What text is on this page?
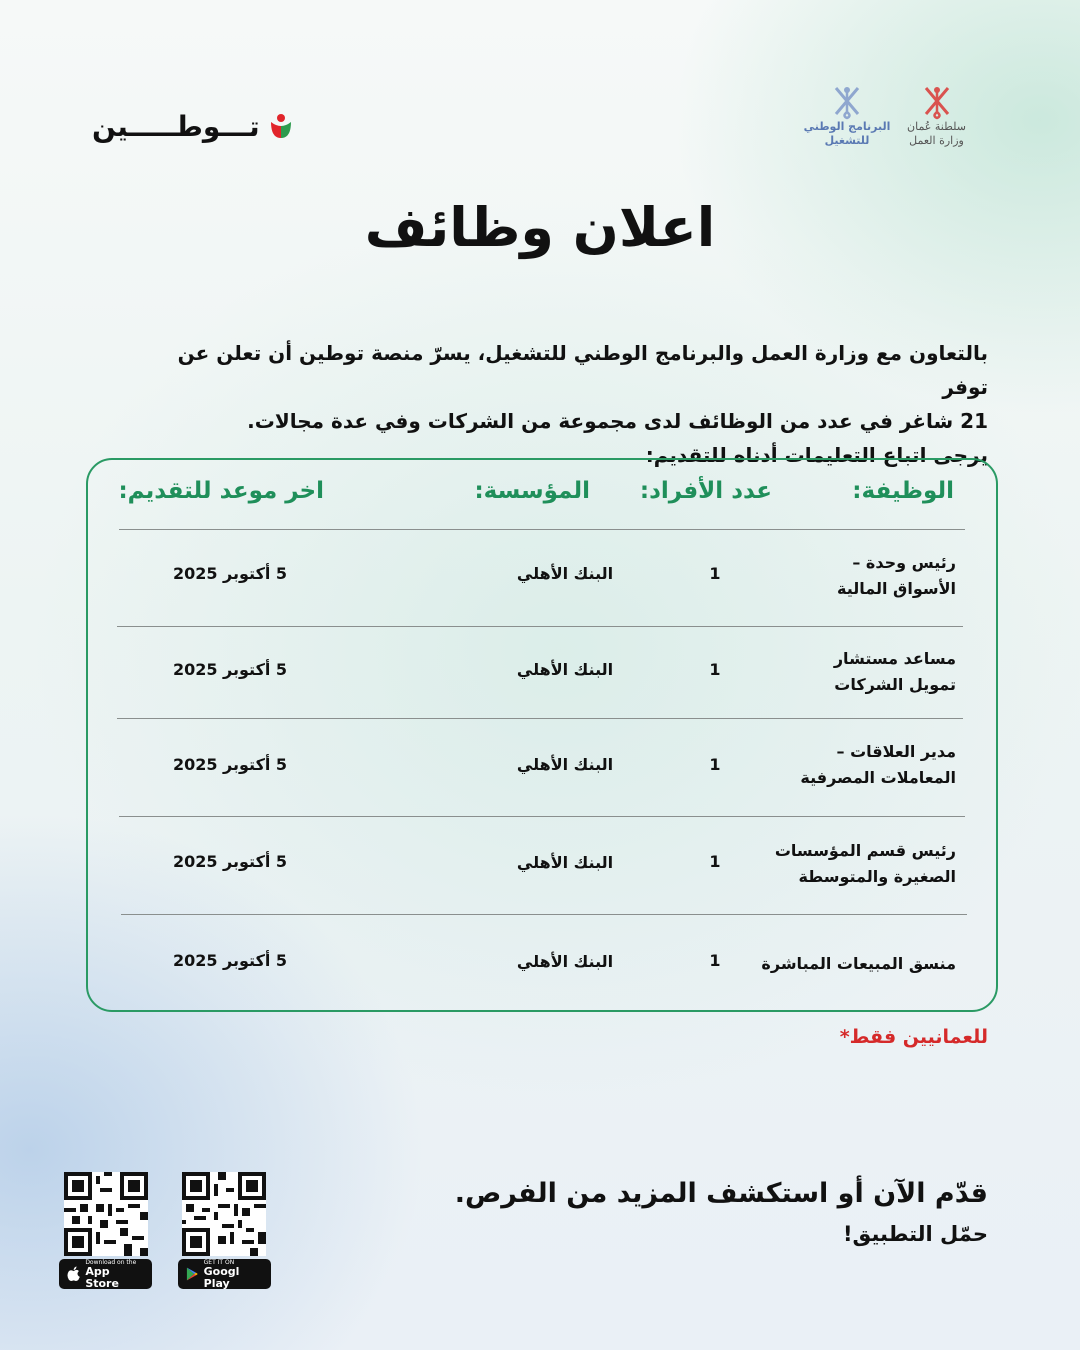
تـــوطـــــين	البرنامج الوطني
للتشغيل
سلطنة عُمان
وزارة العمل
اعلان وظائف

بالتعاون مع وزارة العمل والبرنامج الوطني للتشغيل، يسرّ منصة توطين أن تعلن عن توفر

21 شاغر في عدد من الوظائف لدى مجموعة من الشركات وفي عدة مجالات.

يرجى اتباع التعليمات أدناه للتقديم:

الوظيفة:
عدد الأفراد:
المؤسسة:
اخر موعد للتقديم:
رئيس وحدة –
الأسواق المالية
1
البنك الأهلي
5 أكتوبر 2025
مساعد مستشار
تمويل الشركات
1
البنك الأهلي
5 أكتوبر 2025
مدير العلاقات –
المعاملات المصرفية
1
البنك الأهلي
5 أكتوبر 2025
رئيس قسم المؤسسات
الصغيرة والمتوسطة
1
البنك الأهلي
5 أكتوبر 2025
منسق المبيعات المباشرة
1
البنك الأهلي
5 أكتوبر 2025
للعمانيين فقط*
قدّم الآن أو استكشف المزيد من الفرص.
حمّل التطبيق!
Download on the
App Store
GET IT ON
Googl Play
